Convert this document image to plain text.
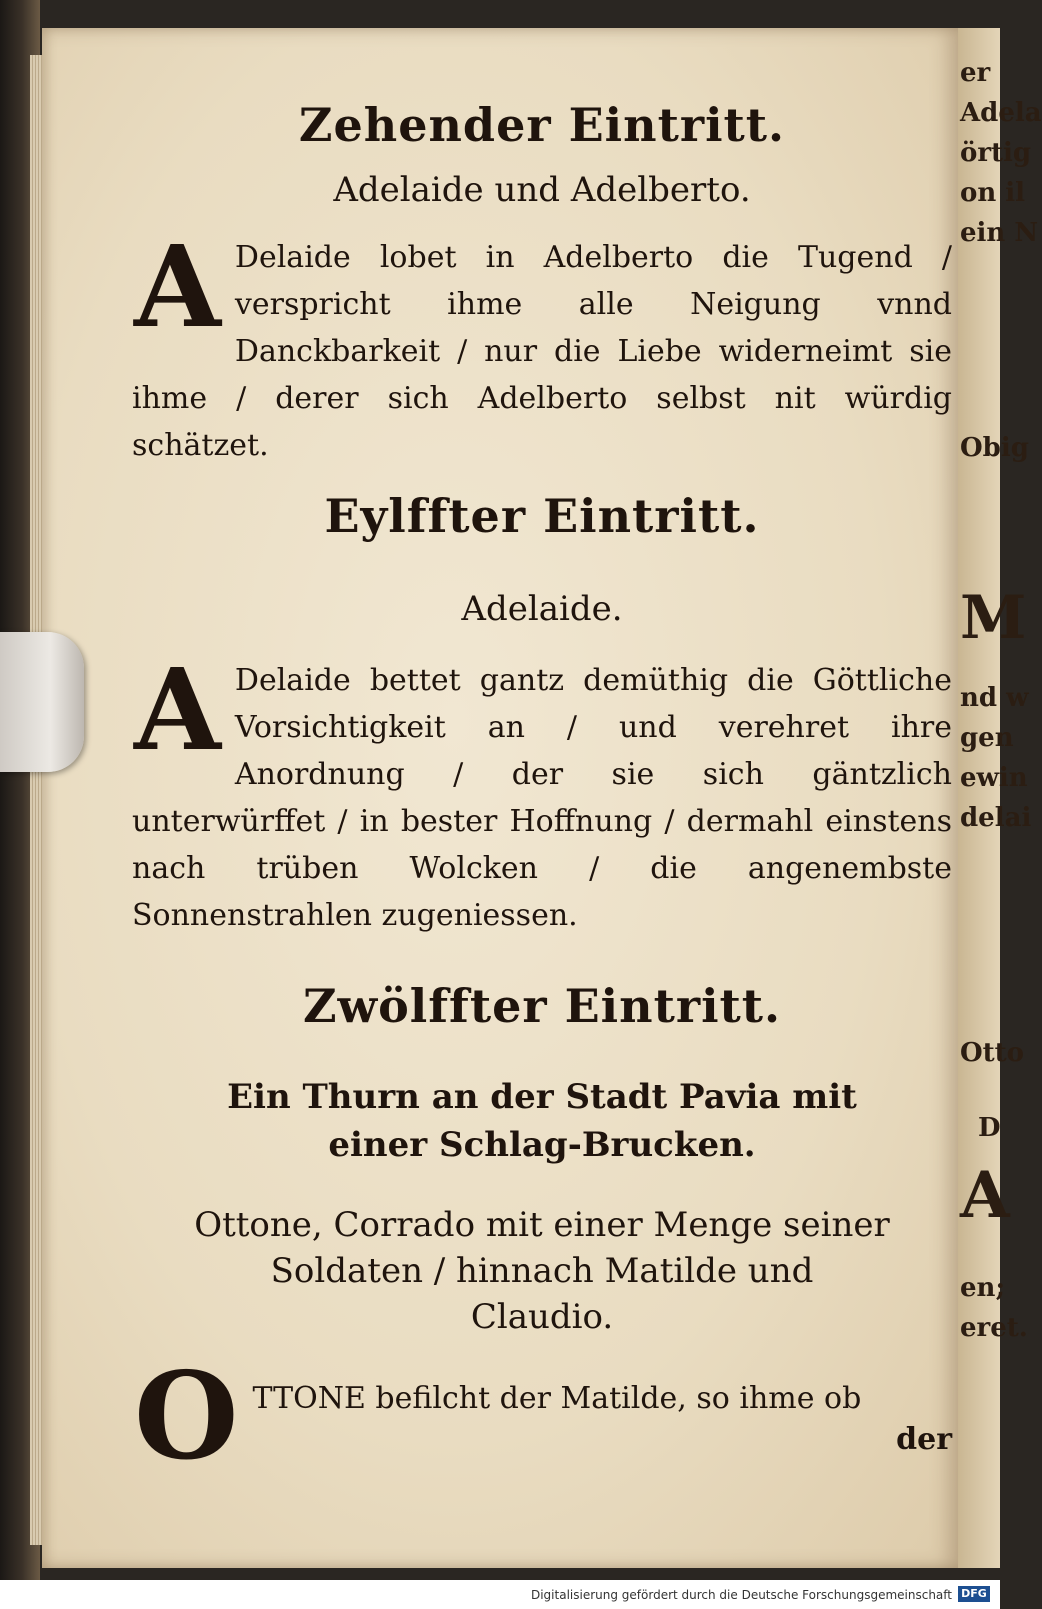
Zehender Eintritt.

Adelaide und Adelberto.

A Delaide lobet in Adelberto die Tugend / verspricht ihme alle Neigung vnnd Danckbarkeit / nur die Liebe widerneimt sie ihme / derer sich Adelberto selbst nit würdig schätzet.

Eylffter Eintritt.

Adelaide.

A Delaide bettet gantz demüthig die Göttliche Vorsichtigkeit an / und verehret ihre Anordnung / der sie sich gäntzlich unterwürffet / in bester Hoffnung / dermahl einstens nach trüben Wolcken / die angenembste Sonnenstrahlen zugeniessen.

Zwölffter Eintritt.

Ein Thurn an der Stadt Pavia mit

einer Schlag-Brucken.

Ottone, Corrado mit einer Menge seiner

Soldaten / hinnach Matilde und

Claudio.

O TTONE befilcht der Matilde, so ihme ob

der

er
Adela
örtig
on il
ein N
Obig
M
nd w
gen
ewin
delai
Otto
D
A
en;
eret.
Digitalisierung gefördert durch die Deutsche Forschungsgemeinschaft DFG
